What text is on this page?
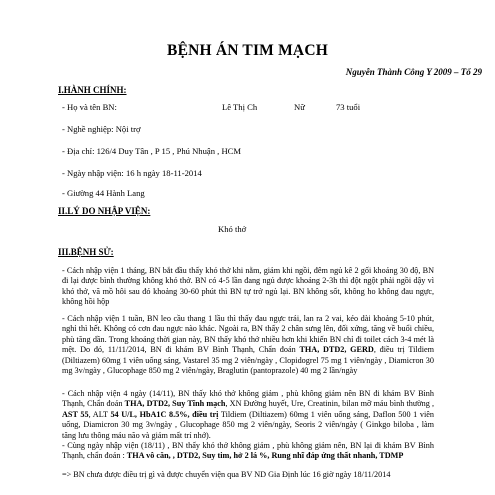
BỆNH ÁN TIM MẠCH
Nguyễn Thành Công Y 2009 – Tổ 29
I.HÀNH CHÍNH:
- Họ và tên BN:	Lê Thị Ch	Nữ	73 tuổi
- Nghề nghiệp: Nội trợ
- Địa chỉ: 126/4 Duy Tân , P 15 , Phú Nhuận , HCM
- Ngày nhập viện: 16 h ngày 18-11-2014
- Giường 44 Hành Lang
II.LÝ DO NHẬP VIỆN:
Khó thở
III.BỆNH SỬ:
- Cách nhập viện 1 tháng, BN bắt đầu thấy khó thở khi nằm, giảm khi ngồi, đêm ngủ kê 2 gối khoảng 30 độ, BN đi lại được bình thường không khó thở. BN có 4-5 lần đang ngủ được khoảng 2-3h thì đột ngột phải ngồi dậy vì khó thở, vã mồ hôi sau đó khoảng 30-60 phút thì BN tự trở ngủ lại. BN không sốt, không ho không đau ngực, không hồi hộp
- Cách nhập viện 1 tuần, BN leo cầu thang 1 lầu thì thấy đau ngực trái, lan ra 2 vai, kéo dài khoảng 5-10 phút, nghỉ thì hết. Không có cơn đau ngực nào khác. Ngoài ra, BN thấy 2 chân sưng lên, đối xứng, tăng về buổi chiều, phù tăng dần. Trong khoảng thời gian này, BN thấy khó thở nhiều hơn khi khiến BN chỉ đi toilet cách 3-4 mét là mệt. Do đó, 11/11/2014, BN đi khám BV Bình Thạnh, Chẩn đoán THA, DTD2, GERD, điều trị Tildiem (Diltiazem) 60mg 1 viên uống sáng, Vastarel 35 mg 2 viên/ngày , Clopidogrel 75 mg 1 viên/ngày , Diamicron 30 mg 3v/ngày , Glucophage 850 mg 2 viên/ngày, Braglutin (pantoprazole) 40 mg 2 lần/ngày
- Cách nhập viện 4 ngày (14/11), BN thấy khó thở không giảm , phù không giảm nên BN đi khám BV Bình Thạnh, Chẩn đoán THA, DTD2, Suy Tĩnh mạch, XN Đường huyết, Ure, Creatinin, bilan mỡ máu bình thường , AST 55, ALT 54 U/L, HbA1C 8.5%, điều trị Tildiem (Diltiazem) 60mg 1 viên uống sáng, Daflon 500 1 viên uống, Diamicron 30 mg 3v/ngày , Glucophage 850 mg 2 viên/ngày, Seoris 2 viên/ngày ( Ginkgo biloba , làm tăng lưu thông máu não và giảm mất trí nhớ).
- Cùng ngày nhập viện (18/11) , BN thấy khó thở không giảm , phù không giảm nên, BN lại đi khám BV Bình Thạnh, chẩn đoán : THA vô căn, , DTD2, Suy tim, hở 2 lá %, Rung nhĩ đáp ứng thất nhanh, TDMP
=> BN chưa được điều trị gì và được chuyển viện qua BV ND Gia Định lúc 16 giờ ngày 18/11/2014
